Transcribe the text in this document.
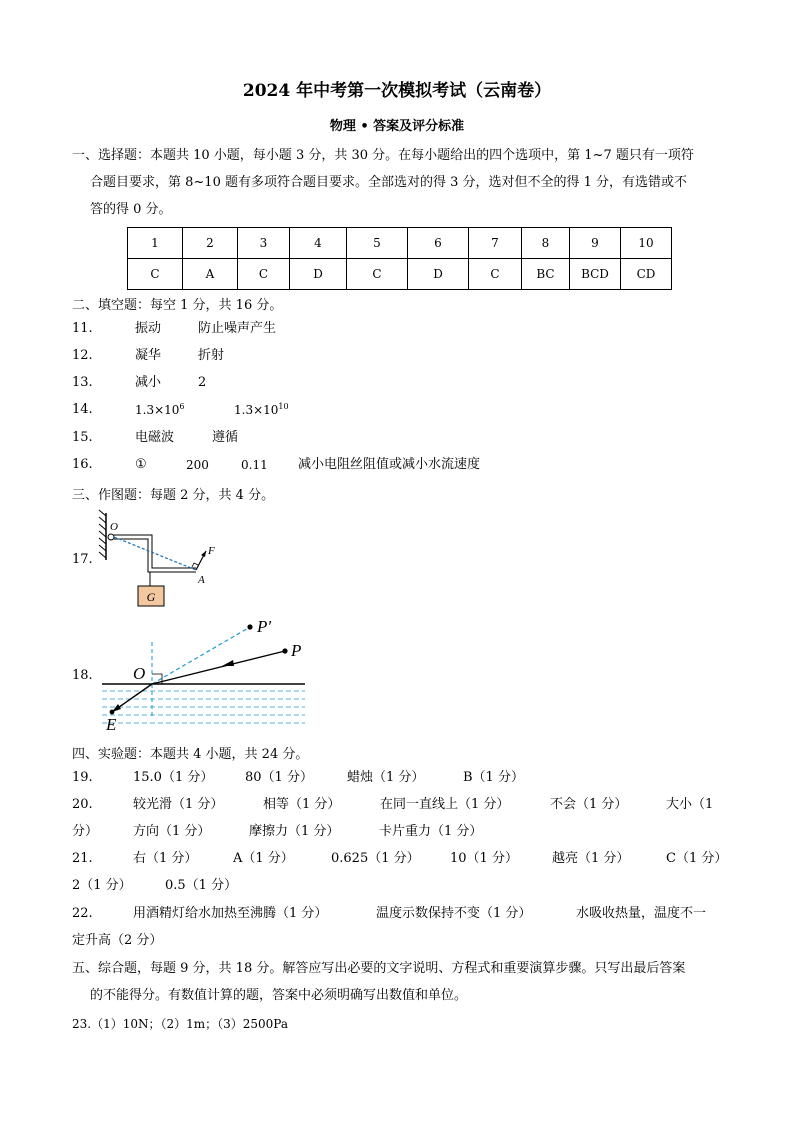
2024 年中考第一次模拟考试（云南卷）
物理 • 答案及评分标准
一、选择题：本题共 10 小题，每小题 3 分，共 30 分。在每小题给出的四个选项中，第 1~7 题只有一项符
合题目要求，第 8~10 题有多项符合题目要求。全部选对的得 3 分，选对但不全的得 1 分，有选错或不
答的得 0 分。
1	2	3	4	5	6	7	8	9	10
C	A	C	D	C	D	C	BC	BCD	CD
二、填空题：每空 1 分，共 16 分。
11.	振动	防止噪声产生
12.	凝华	折射
13.	减小	2
14.	$1.3\times 10^6$	$1.3\times 10^{10}$
15.	电磁波	遵循
16.	①	200	0.11 减小电阻丝阻值或减小水流速度
三、作图题：每题 2 分，共 4 分。
17.
G
O
F
A
18. O
P
P′
E
四、实验题：本题共 4 小题，共 24 分。
19.	15.0（1 分） 80（1 分）	蜡烛（1 分）	B（1 分）
20.	较光滑（1 分）	相等（1 分）	在同一直线上（1 分）	不会（1 分）	大小（1
分）	方向（1 分）	摩擦力（1 分）	卡片重力（1 分）
21.	右（1 分）	A（1 分）	0.625（1 分） 10（1 分）	越亮（1 分）	C（1 分）
2（1 分）	0.5（1 分）
22.	用酒精灯给水加热至沸腾（1 分）	温度示数保持不变（1 分）	水吸收热量，温度不一
定升高（2 分）
五、综合题，每题 9 分，共 18 分。解答应写出必要的文字说明、方程式和重要演算步骤。只写出最后答案
的不能得分。有数值计算的题，答案中必须明确写出数值和单位。
23.（1）10N；（2）1m；（3）2500Pa
